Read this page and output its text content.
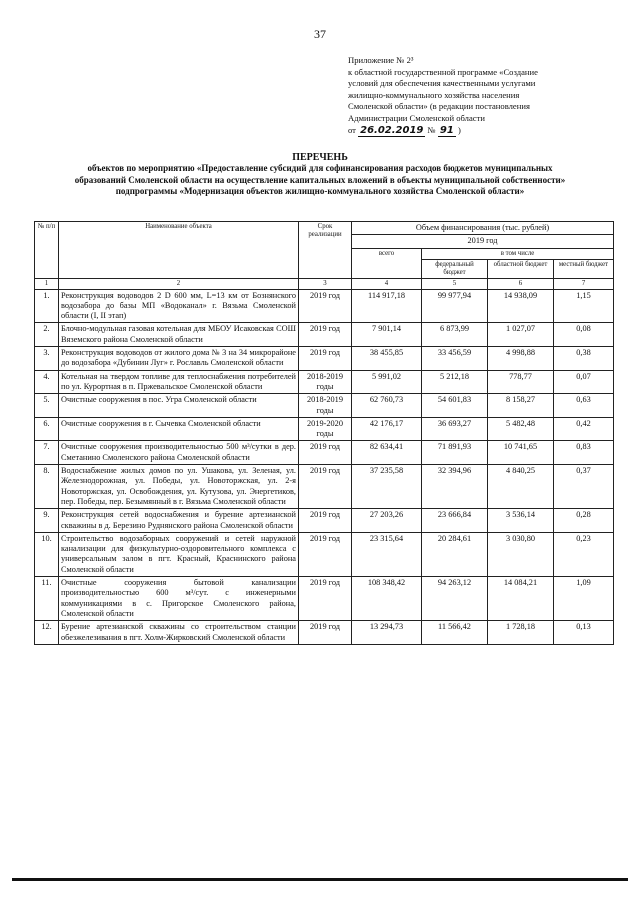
37
Приложение № 2³
к областной государственной программе «Создание
условий для обеспечения качественными услугами
жилищно-коммунального хозяйства населения
Смоленской области» (в редакции постановления
Администрации Смоленской области
от 26.02.2019 № 91 )
ПЕРЕЧЕНЬ
объектов по мероприятию «Предоставление субсидий для софинансирования расходов бюджетов муниципальных
образований Смоленской области на осуществление капитальных вложений в объекты муниципальной собственности»
подпрограммы «Модернизация объектов жилищно-коммунального хозяйства Смоленской области»
№ п/п	Наименование объекта	Срок реализации	Объем финансирования (тыс. рублей)			
			2019 год			
			всего	в том числе		
				федеральный бюджет	областной бюджет	местный бюджет
1	2	3	4	5	6	7
1.	Реконструкция водоводов 2 D 600 мм, L=13 км от Бознянского водозабора до базы МП «Водоканал» г. Вязьма Смоленской области (I, II этап)	2019 год	114 917,18	99 977,94	14 938,09	1,15
2.	Блочно-модульная газовая котельная для МБОУ Исаковская СОШ Вяземского района Смоленской области	2019 год	7 901,14	6 873,99	1 027,07	0,08
3.	Реконструкция водоводов от жилого дома № 3 на 34 микрорайоне до водозабора «Дубинин Луг» г. Рославль Смоленской области	2019 год	38 455,85	33 456,59	4 998,88	0,38
4.	Котельная на твердом топливе для теплоснабжения потребителей по ул. Курортная в п. Пржевальское Смоленской области	2018-2019 годы	5 991,02	5 212,18	778,77	0,07
5.	Очистные сооружения в пос. Угра Смоленской области	2018-2019 годы	62 760,73	54 601,83	8 158,27	0,63
6.	Очистные сооружения в г. Сычевка Смоленской области	2019-2020 годы	42 176,17	36 693,27	5 482,48	0,42
7.	Очистные сооружения производительностью 500 м³/сутки в дер. Сметанино Смоленского района Смоленской области	2019 год	82 634,41	71 891,93	10 741,65	0,83
8.	Водоснабжение жилых домов по ул. Ушакова, ул. Зеленая, ул. Железнодорожная, ул. Победы, ул. Новоторжская, ул. 2-я Новоторжская, ул. Освобождения, ул. Кутузова, ул. Энергетиков, пер. Победы, пер. Безымянный в г. Вязьма Смоленской области	2019 год	37 235,58	32 394,96	4 840,25	0,37
9.	Реконструкция сетей водоснабжения и бурение артезианской скважины в д. Березино Руднянского района Смоленской области	2019 год	27 203,26	23 666,84	3 536,14	0,28
10.	Строительство водозаборных сооружений и сетей наружной канализации для физкультурно-оздоровительного комплекса с универсальным залом в пгт. Красный, Краснинского района Смоленской области	2019 год	23 315,64	20 284,61	3 030,80	0,23
11.	Очистные сооружения бытовой канализации производительностью 600 м³/сут. с инженерными коммуникациями в с. Пригорское Смоленского района, Смоленской области	2019 год	108 348,42	94 263,12	14 084,21	1,09
12.	Бурение артезианской скважины со строительством станции обезжелезивания в пгт. Холм-Жирковский Смоленской области	2019 год	13 294,73	11 566,42	1 728,18	0,13
